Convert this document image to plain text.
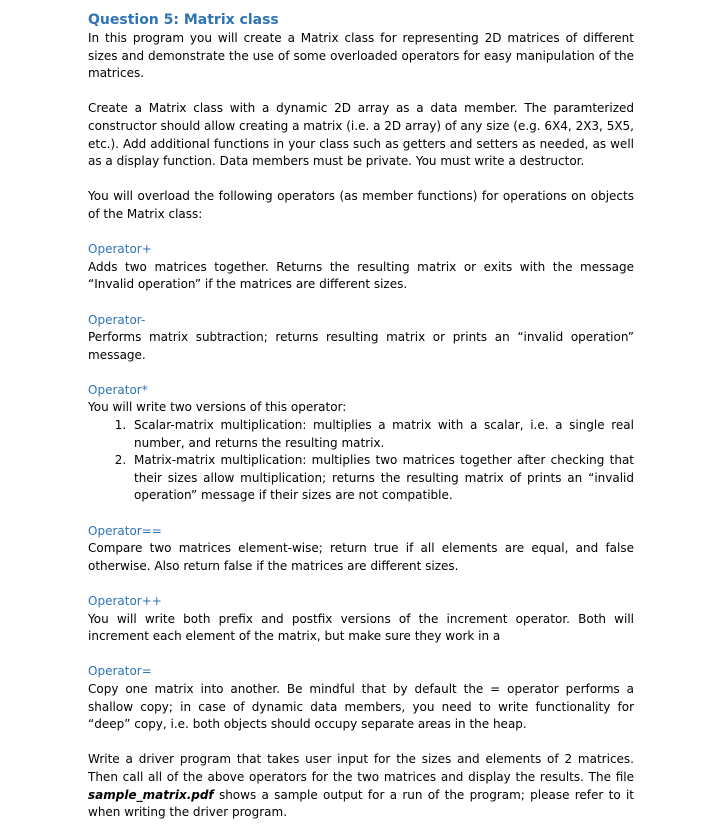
Question 5: Matrix class

In this program you will create a Matrix class for representing 2D matrices of different sizes and demonstrate the use of some overloaded operators for easy manipulation of the matrices.

Create a Matrix class with a dynamic 2D array as a data member. The paramterized constructor should allow creating a matrix (i.e. a 2D array) of any size (e.g. 6X4, 2X3, 5X5, etc.). Add additional functions in your class such as getters and setters as needed, as well as a display function. Data members must be private. You must write a destructor.

You will overload the following operators (as member functions) for operations on objects of the Matrix class:

Operator+

Adds two matrices together. Returns the resulting matrix or exits with the message “Invalid operation” if the matrices are different sizes.

Operator-

Performs matrix subtraction; returns resulting matrix or prints an “invalid operation” message.

Operator*

You will write two versions of this operator:

1. Scalar-matrix multiplication: multiplies a matrix with a scalar, i.e. a single real number, and returns the resulting matrix.
2. Matrix-matrix multiplication: multiplies two matrices together after checking that their sizes allow multiplication; returns the resulting matrix of prints an “invalid operation” message if their sizes are not compatible.
Operator==

Compare two matrices element-wise; return true if all elements are equal, and false otherwise. Also return false if the matrices are different sizes.

Operator++

You will write both prefix and postfix versions of the increment operator. Both will increment each element of the matrix, but make sure they work in a

Operator=

Copy one matrix into another. Be mindful that by default the = operator performs a shallow copy; in case of dynamic data members, you need to write functionality for “deep” copy, i.e. both objects should occupy separate areas in the heap.

Write a driver program that takes user input for the sizes and elements of 2 matrices. Then call all of the above operators for the two matrices and display the results. The file sample_matrix.pdf shows a sample output for a run of the program; please refer to it when writing the driver program.
